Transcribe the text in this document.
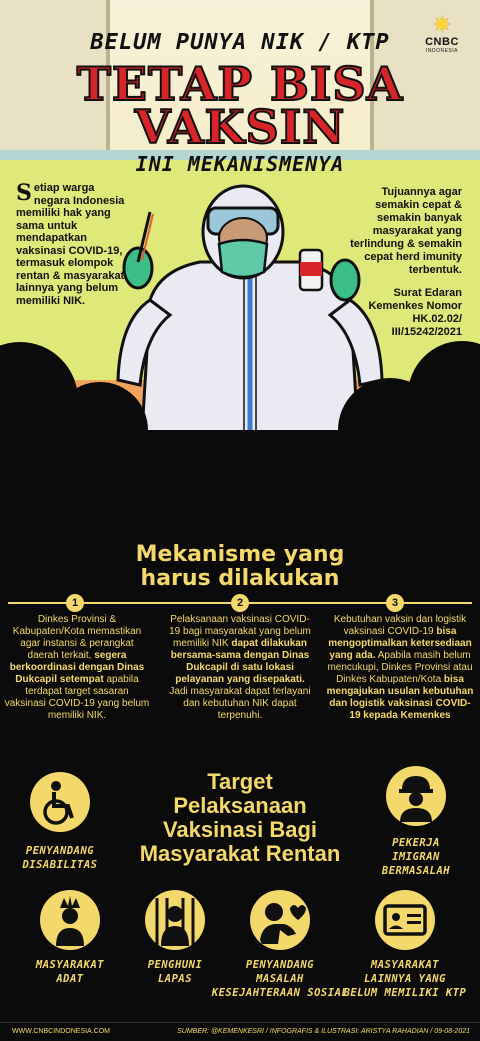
✸
CNBC
INDONESIA
BELUM PUNYA NIK / KTP
TETAP BISA
VAKSIN
INI MEKANISMENYA
Setiap warga negara Indonesia memiliki hak yang sama untuk mendapatkan vaksinasi COVID-19, termasuk elompok rentan & masyarakat lainnya yang belum memiliki NIK.

Tujuannya agar semakin cepat & semakin banyak masyarakat yang terlindung & semakin cepat herd imunity terbentuk.

Surat Edaran Kemenkes Nomor HK.02.02/ III/15242/2021

Mekanisme yang
harus dilakukan
1	2	3
Dinkes Provinsi & Kabupaten/Kota memastikan agar instansi & perangkat daerah terkait, segera berkoordinasi dengan Dinas Dukcapil setempat apabila terdapat target sasaran vaksinasi COVID-19 yang belum memiliki NIK.
Pelaksanaan vaksinasi COVID-19 bagi masyarakat yang belum memiliki NIK dapat dilakukan bersama-sama dengan Dinas Dukcapil di satu lokasi pelayanan yang disepakati. Jadi masyarakat dapat terlayani dan kebutuhan NIK dapat terpenuhi.
Kebutuhan vaksin dan logistik vaksinasi COVID-19 bisa mengoptimalkan ketersediaan yang ada. Apabila masih belum mencukupi, Dinkes Provinsi atau Dinkes Kabupaten/Kota bisa mengajukan usulan kebutuhan dan logistik vaksinasi COVID-19 kepada Kemenkes
Target
Pelaksanaan
Vaksinasi Bagi
Masyarakat Rentan
PENYANDANG
DISABILITAS
PEKERJA
IMIGRAN
BERMASALAH
MASYARAKAT
ADAT
PENGHUNI
LAPAS
PENYANDANG
MASALAH
KESEJAHTERAAN SOSIAL
MASYARAKAT
LAINNYA YANG
BELUM MEMILIKI KTP
WWW.CNBCINDONESIA.COM	SUMBER: @KEMENKESRI / INFOGRAFIS & ILUSTRASI: ARISTYA RAHADIAN / 09-08-2021
